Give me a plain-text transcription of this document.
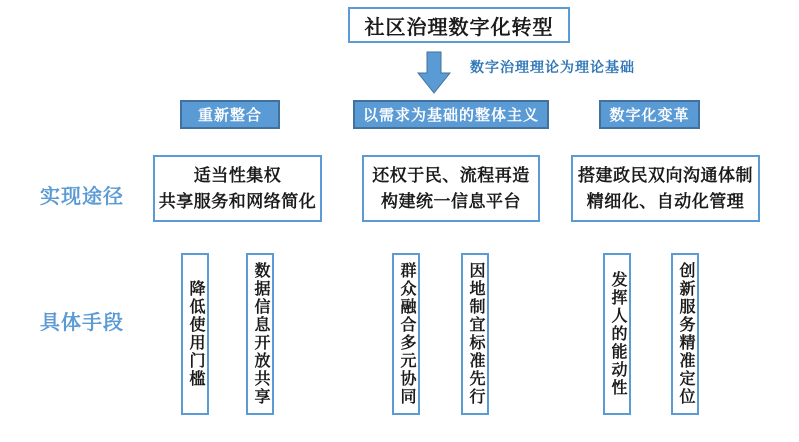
社区治理数字化转型
数字治理理论为理论基础
重新整合	以需求为基础的整体主义	数字化变革
实现途径
具体手段
适当性集权
共享服务和网络简化
还权于民、流程再造
构建统一信息平台
搭建政民双向沟通体制
精细化、自动化管理
降低使用门槛	数据信息开放共享	群众融合多元协同	因地制宜标准先行	发挥人的能动性	创新服务精准定位
